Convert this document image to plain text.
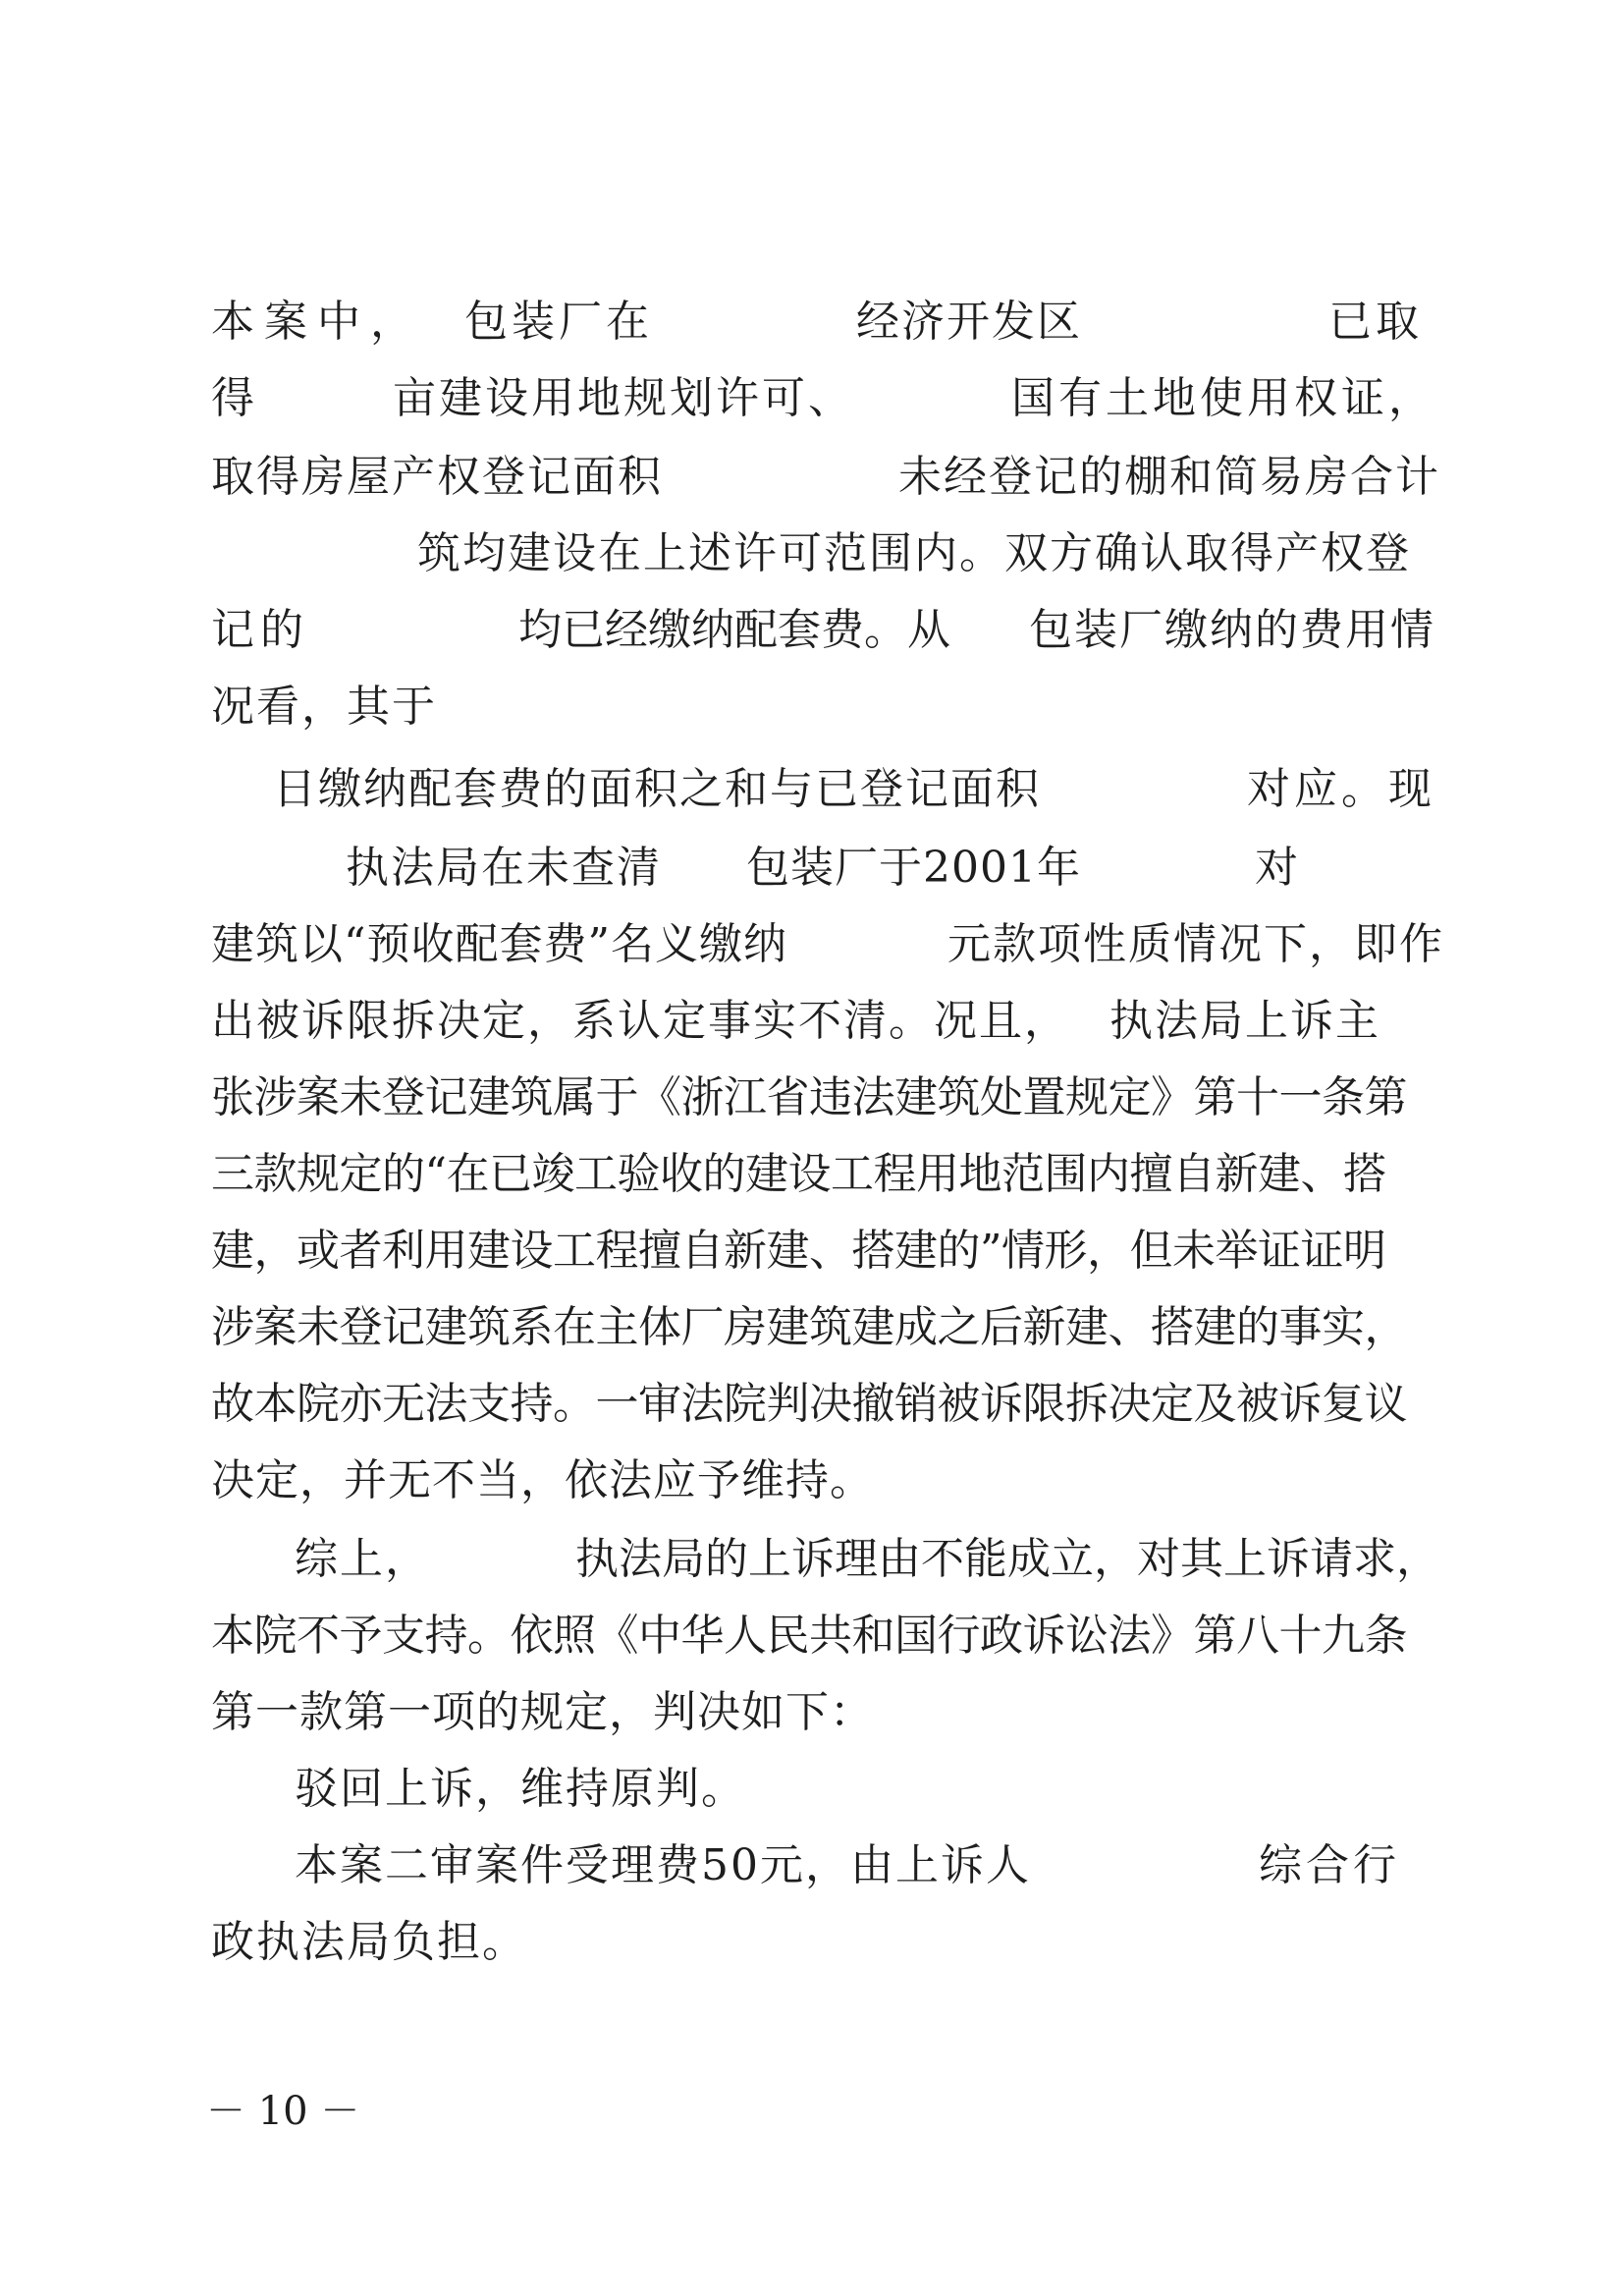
本案中， 包装厂在	经济开发区	已取
得	亩建设用地规划许可、	国有土地使用权证，
取得房屋产权登记面积	未经登记的棚和简易房合计
筑均建设在上述许可范围内。双方确认取得产权登
记的	均已经缴纳配套费。从 包装厂缴纳的费用情
况看，其于
日缴纳配套费的面积之和与已登记面积	对应。现
执法局在未查清 包装厂于2001年	对
建筑以“预收配套费”名义缴纳	元款项性质情况下，即作
出被诉限拆决定，系认定事实不清。况且， 执法局上诉主
张涉案未登记建筑属于《浙江省违法建筑处置规定》第十一条第
三款规定的“在已竣工验收的建设工程用地范围内擅自新建、搭
建，或者利用建设工程擅自新建、搭建的”情形，但未举证证明
涉案未登记建筑系在主体厂房建筑建成之后新建、搭建的事实，
故本院亦无法支持。一审法院判决撤销被诉限拆决定及被诉复议
决定，并无不当，依法应予维持。
综上，	执法局的上诉理由不能成立，对其上诉请求，
本院不予支持。依照《中华人民共和国行政诉讼法》第八十九条
第一款第一项的规定，判决如下：
驳回上诉，维持原判。
本案二审案件受理费50元，由上诉人	综合行
政执法局负担。
－ 10 －
